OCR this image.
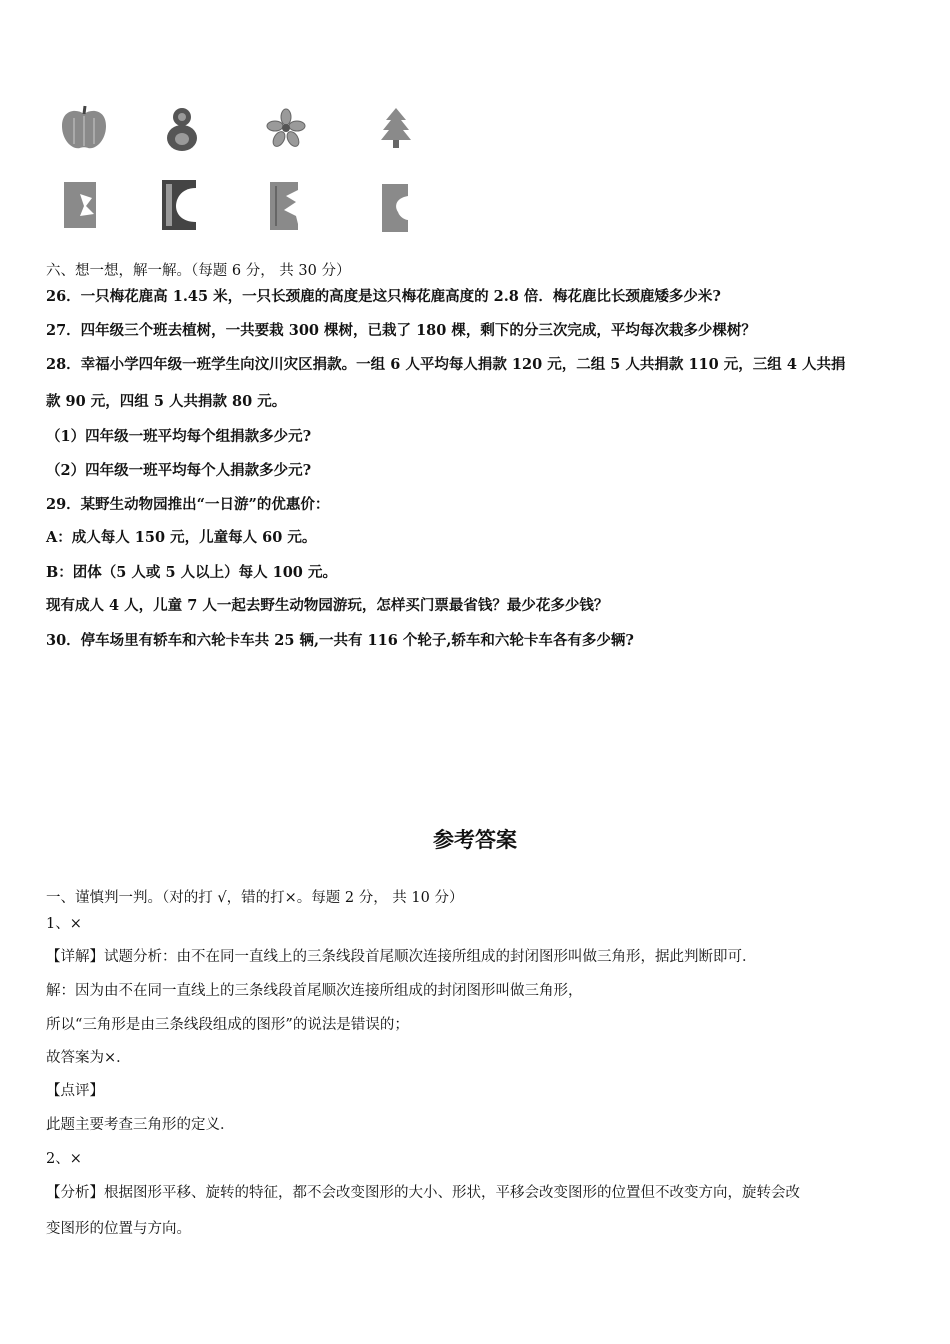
六、想一想，解一解。（每题 6 分， 共 30 分）
26．一只梅花鹿高 1.45 米，一只长颈鹿的高度是这只梅花鹿高度的 2.8 倍．梅花鹿比长颈鹿矮多少米?
27．四年级三个班去植树，一共要栽 300 棵树，已栽了 180 棵，剩下的分三次完成，平均每次栽多少棵树？
28．幸福小学四年级一班学生向汶川灾区捐款。一组 6 人平均每人捐款 120 元，二组 5 人共捐款 110 元，三组 4 人共捐
款 90 元，四组 5 人共捐款 80 元。
（1）四年级一班平均每个组捐款多少元?
（2）四年级一班平均每个人捐款多少元?
29．某野生动物园推出“一日游”的优惠价：
A：成人每人 150 元，儿童每人 60 元。
B：团体（5 人或 5 人以上）每人 100 元。
现有成人 4 人，儿童 7 人一起去野生动物园游玩，怎样买门票最省钱？最少花多少钱？
30．停车场里有轿车和六轮卡车共 25 辆,一共有 116 个轮子,轿车和六轮卡车各有多少辆?
参考答案
一、谨慎判一判。（对的打 √，错的打×。每题 2 分， 共 10 分）
1、×
【详解】试题分析：由不在同一直线上的三条线段首尾顺次连接所组成的封闭图形叫做三角形，据此判断即可．
解：因为由不在同一直线上的三条线段首尾顺次连接所组成的封闭图形叫做三角形，
所以“三角形是由三条线段组成的图形”的说法是错误的；
故答案为×．
【点评】
此题主要考查三角形的定义．
2、×
【分析】根据图形平移、旋转的特征，都不会改变图形的大小、形状，平移会改变图形的位置但不改变方向，旋转会改
变图形的位置与方向。
